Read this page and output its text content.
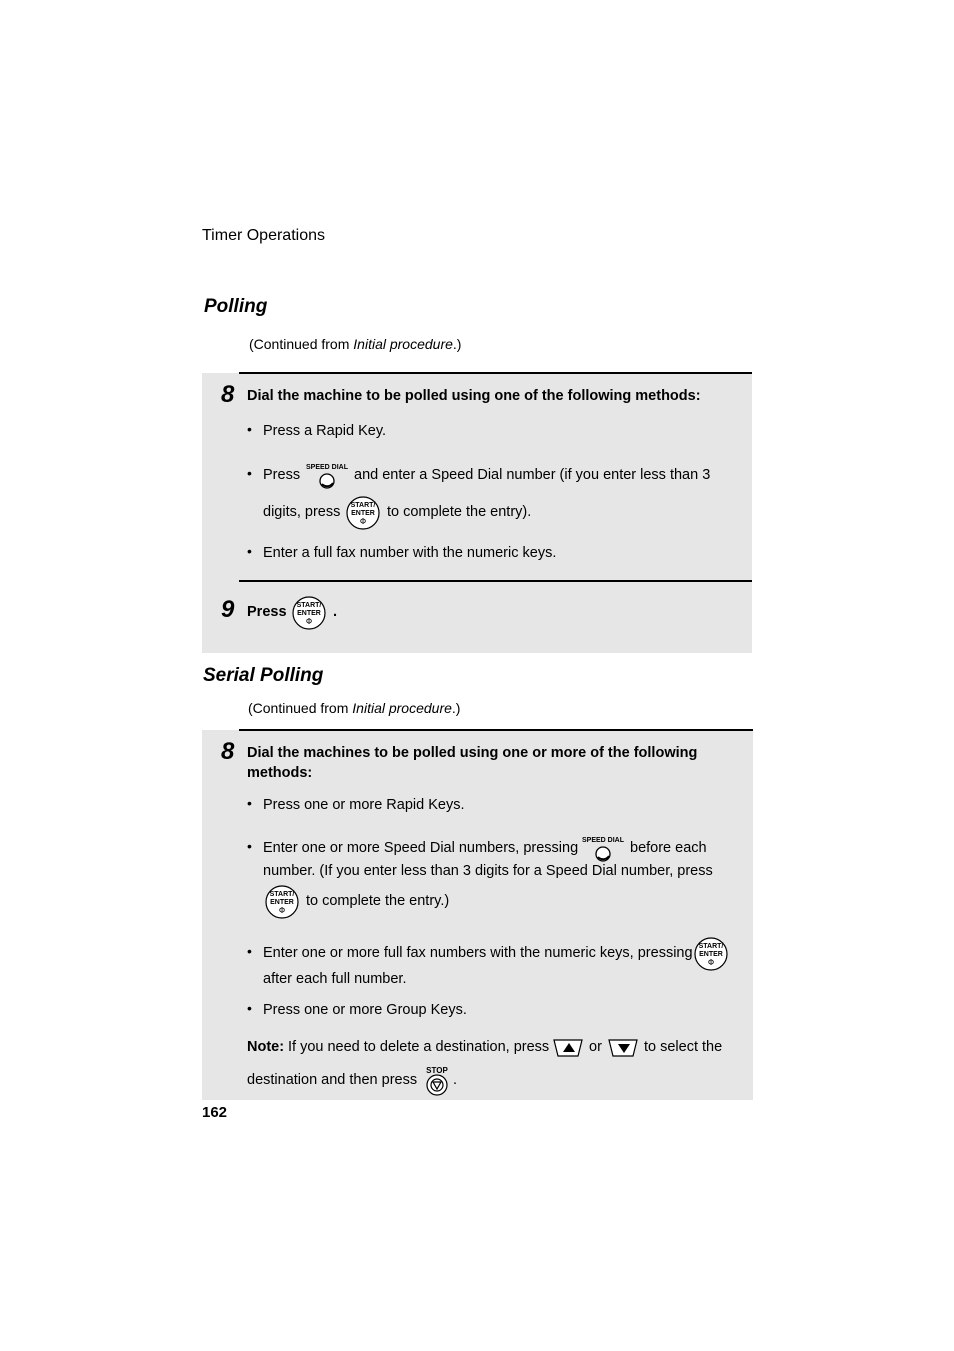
Timer Operations
Polling
(Continued from Initial procedure.)
8 Dial the machine to be polled using one of the following methods:
• Press a Rapid Key.
• Press SPEED DIAL and enter a Speed Dial number (if you enter less than 3
digits, press START/
ENTER
Φ
to complete the entry).
• Enter a full fax number with the numeric keys.
9 Press START/
ENTER
Φ
.
Serial Polling
(Continued from Initial procedure.)
8 Dial the machines to be polled using one or more of the following
methods:
• Press one or more Rapid Keys.
• Enter one or more Speed Dial numbers, pressing SPEED DIAL before each
number. (If you enter less than 3 digits for a Speed Dial number, press
START/
ENTER
Φ
to complete the entry.)
• Enter one or more full fax numbers with the numeric keys, pressing START/
ENTER
Φ
after each full number.
• Press one or more Group Keys.
Note: If you need to delete a destination, press	or	to select the
destination and then press
STOP
.
162
